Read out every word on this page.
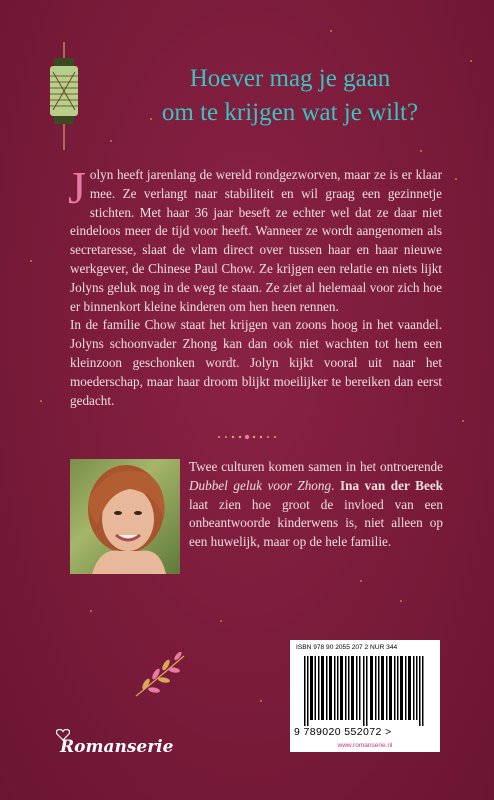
Hoever mag je gaan
om te krijgen wat je wilt?
Jolyn heeft jarenlang de wereld rondgezworven, maar ze is er klaar mee. Ze verlangt naar stabiliteit en wil graag een gezinnetje stichten. Met haar 36 jaar beseft ze echter wel dat ze daar niet eindeloos meer de tijd voor heeft. Wanneer ze wordt aangenomen als secretaresse, slaat de vlam direct over tussen haar en haar nieuwe werkgever, de Chinese Paul Chow. Ze krijgen een relatie en niets lijkt Jolyns geluk nog in de weg te staan. Ze ziet al helemaal voor zich hoe er binnenkort kleine kinderen om hen heen rennen.
In de familie Chow staat het krijgen van zoons hoog in het vaandel. Jolyns schoonvader Zhong kan dan ook niet wachten tot hem een kleinzoon geschonken wordt. Jolyn kijkt vooral uit naar het moederschap, maar haar droom blijkt moeilijker te bereiken dan eerst gedacht.
Twee culturen komen samen in het ontroerende Dubbel geluk voor Zhong. Ina van der Beek laat zien hoe groot de invloed van een onbeantwoorde kinderwens is, niet alleen op een huwelijk, maar op de hele familie.
Romanserie
ISBN 978 90 2055 207 2 NUR 344
9 789020 552072 >
www.romanserie.nl
